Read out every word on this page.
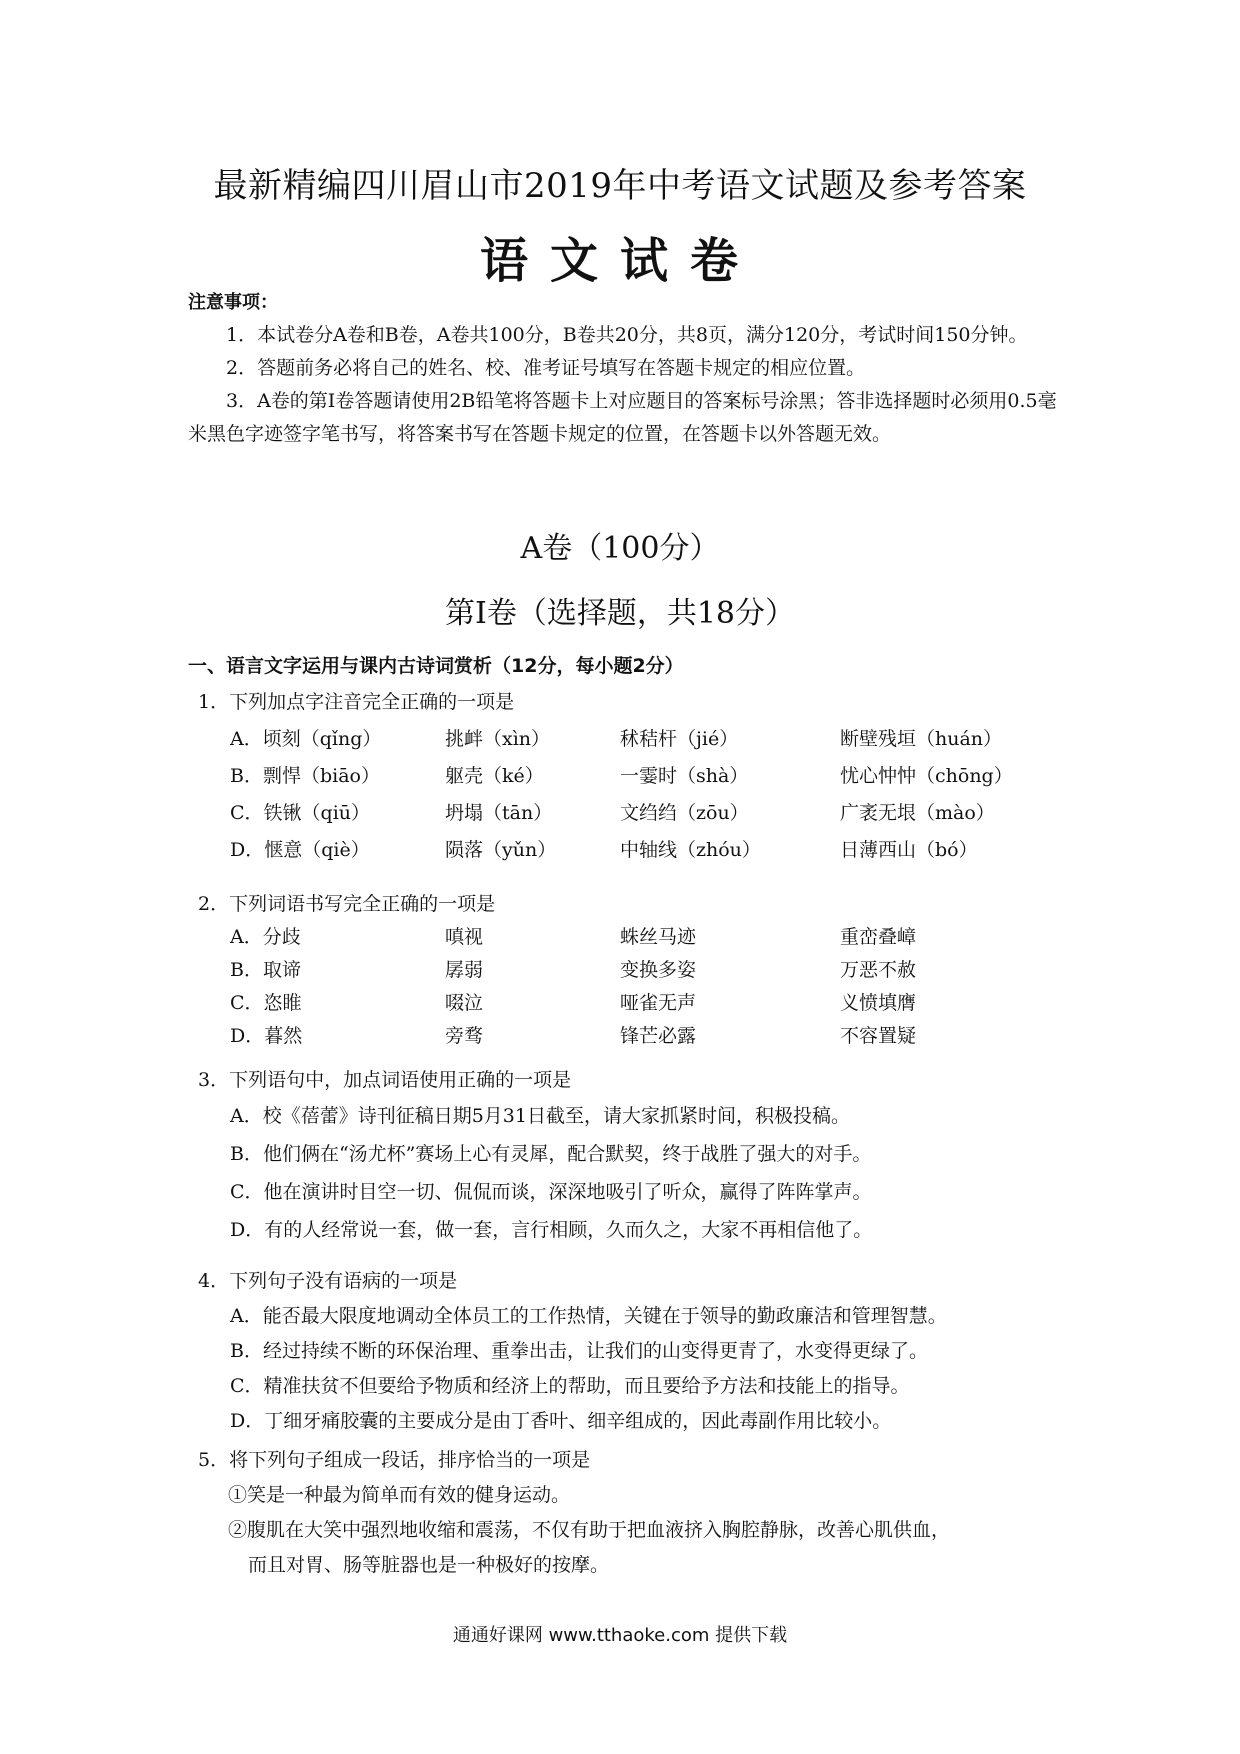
最新精编四川眉山市2019年中考语文试题及参考答案
语文试卷
注意事项：
1．本试卷分A卷和B卷，A卷共100分，B卷共20分，共8页，满分120分，考试时间150分钟。
2．答题前务必将自己的姓名、校、准考证号填写在答题卡规定的相应位置。
3．A卷的第Ⅰ卷答题请使用2B铅笔将答题卡上对应题目的答案标号涂黑；答非选择题时必须用0.5毫米黑色字迹签字笔书写，将答案书写在答题卡规定的位置，在答题卡以外答题无效。
A卷（100分）
第Ⅰ卷（选择题，共18分）
一、语言文字运用与课内古诗词赏析（12分，每小题2分）
1．下列加点字注音完全正确的一项是
A．顷刻（qǐng）	挑衅（xìn）	秫秸杆（jié）	断壁残垣（huán）
B．剽悍（biāo）	躯壳（ké）	一霎时（shà）	忧心忡忡（chōng）
C．铁锹（qiū）	坍塌（tān）	文绉绉（zōu）	广袤无垠（mào）
D．惬意（qiè）	陨落（yǔn）	中轴线（zhóu）	日薄西山（bó）
2．下列词语书写完全正确的一项是
A．分歧	嗔视	蛛丝马迹	重峦叠嶂
B．取谛	孱弱	变换多姿	万恶不赦
C．恣睢	啜泣	哑雀无声	义愤填膺
D．暮然	旁骛	锋芒必露	不容置疑
3．下列语句中，加点词语使用正确的一项是
A．校《蓓蕾》诗刊征稿日期5月31日截至，请大家抓紧时间，积极投稿。
B．他们俩在“汤尤杯”赛场上心有灵犀，配合默契，终于战胜了强大的对手。
C．他在演讲时目空一切、侃侃而谈，深深地吸引了听众，赢得了阵阵掌声。
D．有的人经常说一套，做一套，言行相顾，久而久之，大家不再相信他了。
4．下列句子没有语病的一项是
A．能否最大限度地调动全体员工的工作热情，关键在于领导的勤政廉洁和管理智慧。
B．经过持续不断的环保治理、重拳出击，让我们的山变得更青了，水变得更绿了。
C．精准扶贫不但要给予物质和经济上的帮助，而且要给予方法和技能上的指导。
D．丁细牙痛胶囊的主要成分是由丁香叶、细辛组成的，因此毒副作用比较小。
5．将下列句子组成一段话，排序恰当的一项是
①笑是一种最为简单而有效的健身运动。
②腹肌在大笑中强烈地收缩和震荡，不仅有助于把血液挤入胸腔静脉，改善心肌供血，
而且对胃、肠等脏器也是一种极好的按摩。
通通好课网 www.tthaoke.com 提供下载
